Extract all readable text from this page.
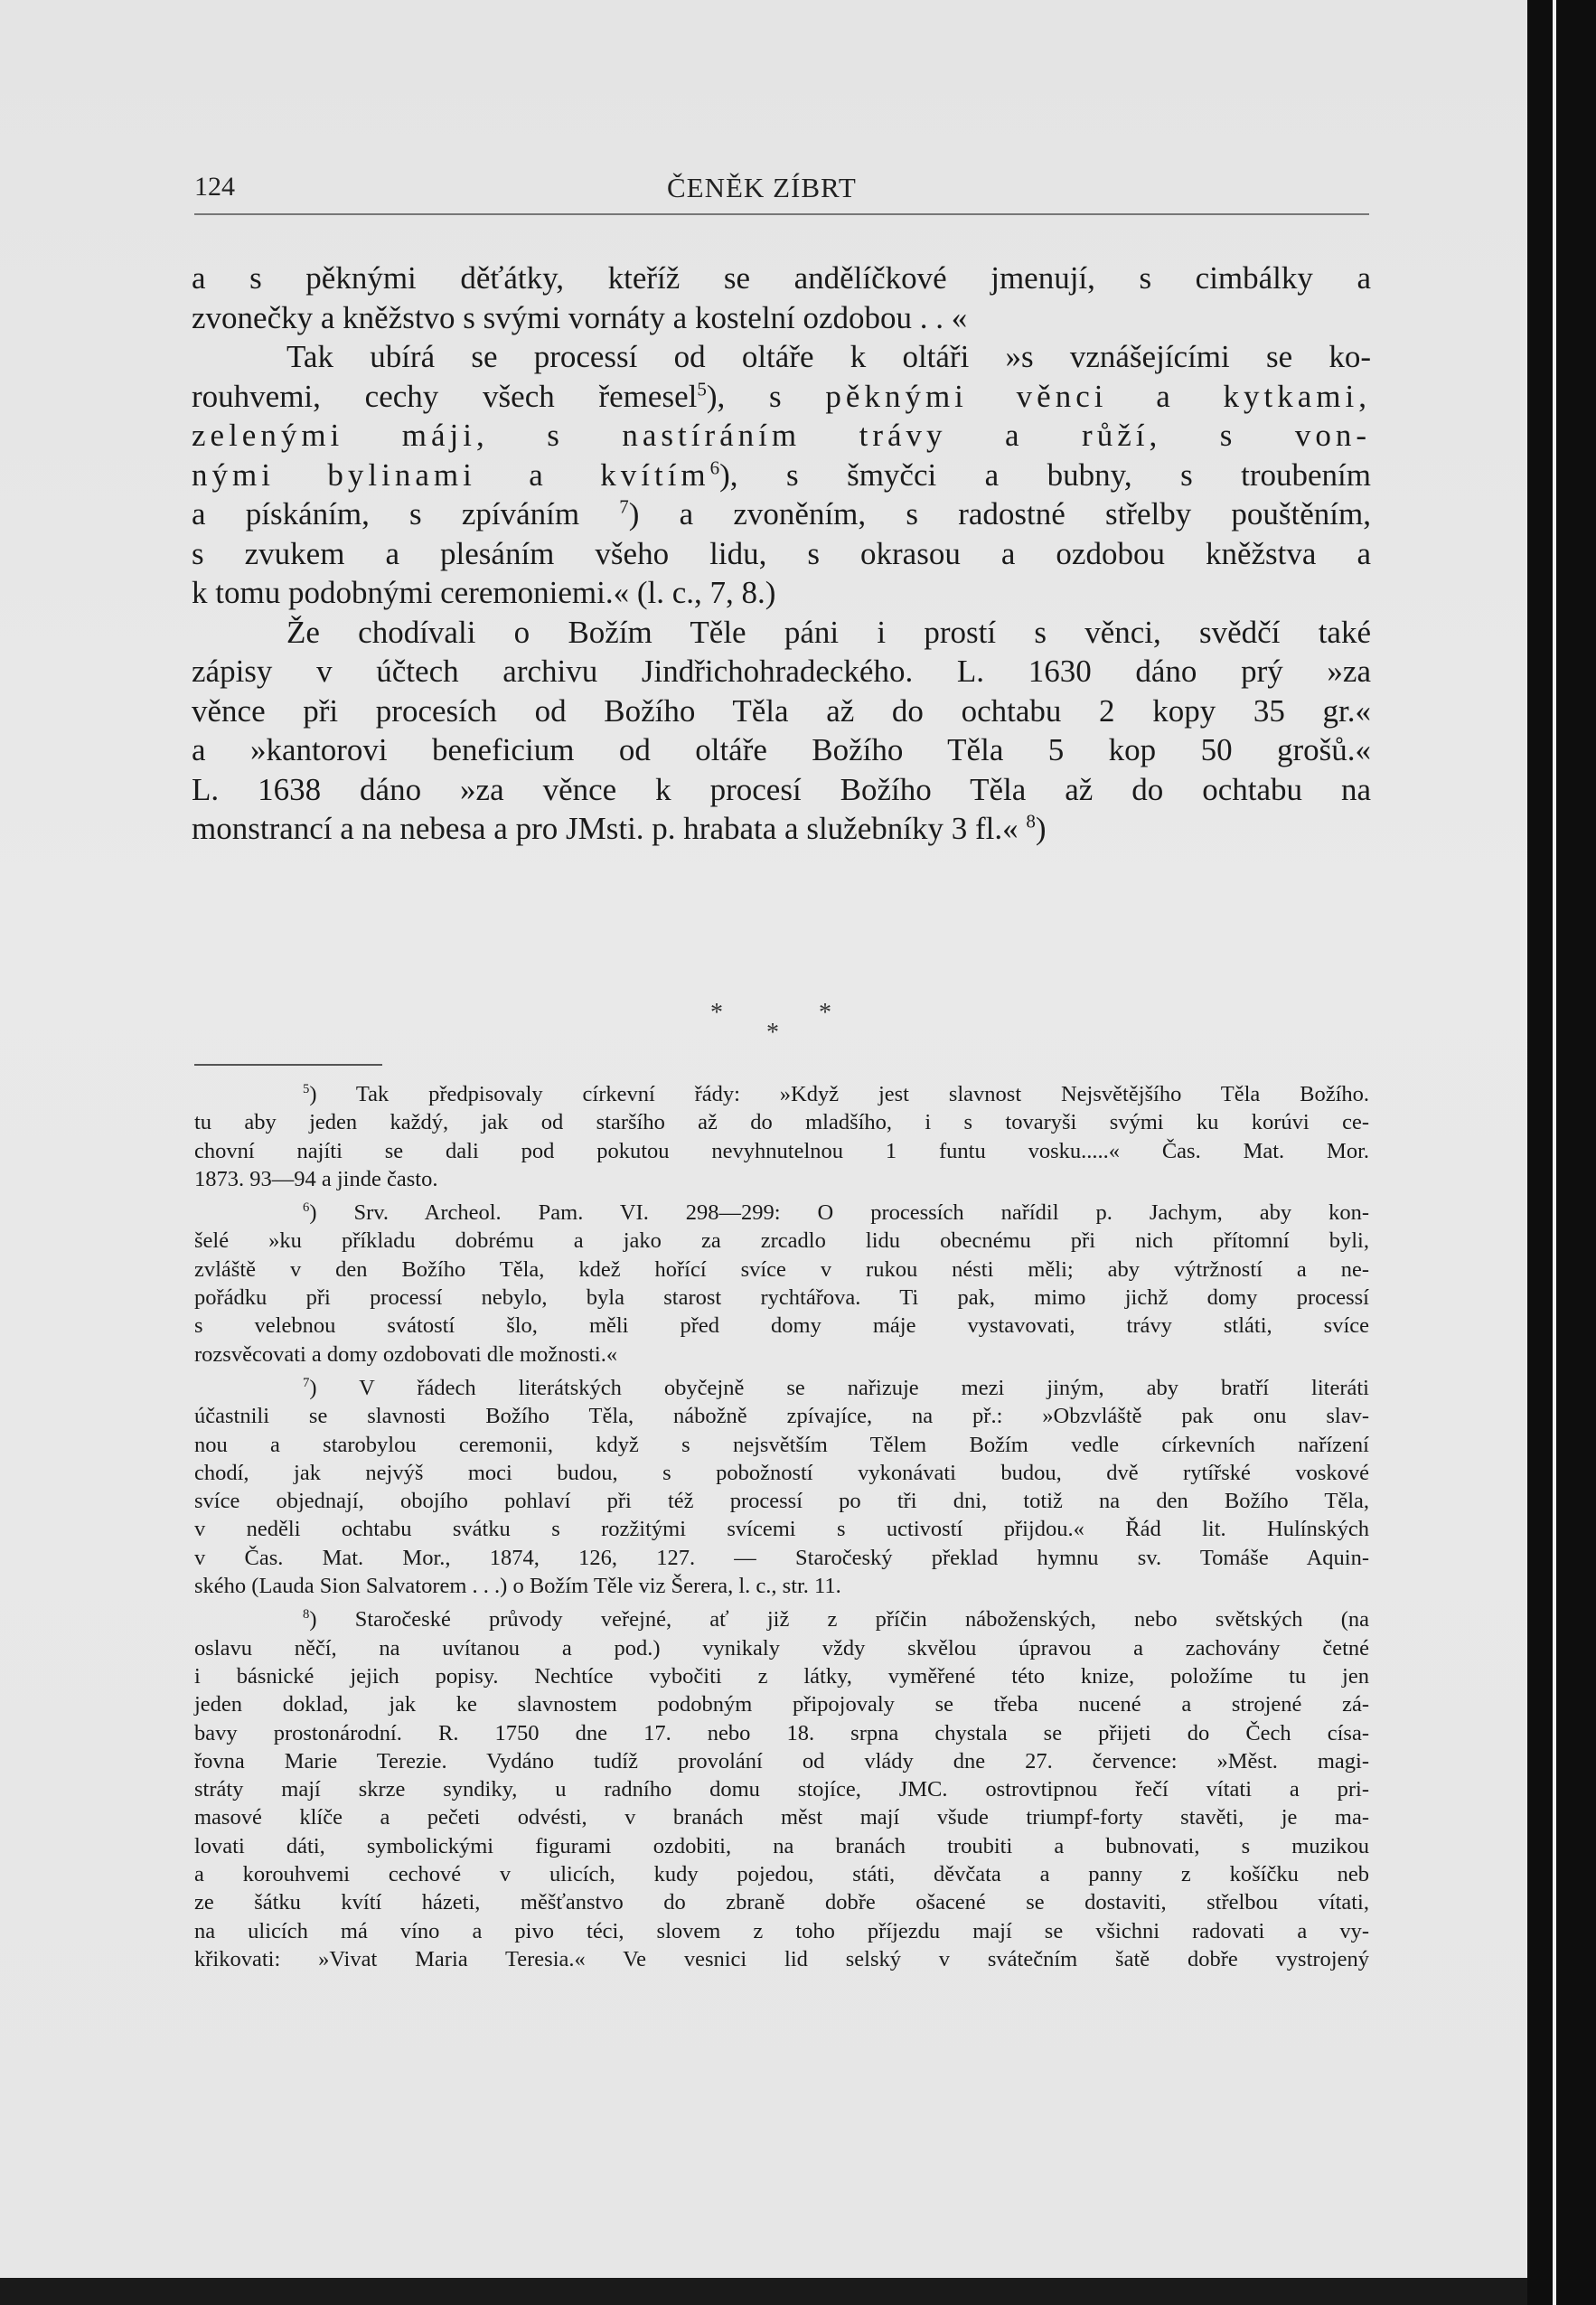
124	ČENĚK ZÍBRT

a s pěknými děťátky, kteříž se andělíčkové jmenují, s cimbálky a

zvonečky a kněžstvo s svými vornáty a kostelní ozdobou . . «

Tak ubírá se processí od oltáře k oltáři »s vznášejícími se ko-

rouhvemi, cechy všech řemesel$^5$), s pěknými věnci a kytkami,

zelenými máji, s nastíráním trávy a růží, s von-

nými bylinami a kvítím$^6$), s šmyčci a bubny, s troubením

a pískáním, s zpíváním $^7$) a zvoněním, s radostné střelby pouštěním,

s zvukem a plesáním všeho lidu, s okrasou a ozdobou kněžstva a

k tomu podobnými ceremoniemi.« (l. c., 7, 8.)

Že chodívali o Božím Těle páni i prostí s věnci, svědčí také

zápisy v účtech archivu Jindřichohradeckého. L. 1630 dáno prý »za

věnce při procesích od Božího Těla až do ochtabu 2 kopy 35 gr.«

a »kantorovi beneficium od oltáře Božího Těla 5 kop 50 grošů.«

L. 1638 dáno »za věnce k procesí Božího Těla až do ochtabu na

monstrancí a na nebesa a pro JMsti. p. hrabata a služebníky 3 fl.« $^8$)

*	*
*

$^5$) Tak předpisovaly církevní řády: »Když jest slavnost Nejsvětějšího Těla Božího.

tu aby jeden každý, jak od staršího až do mladšího, i s tovaryši svými ku korúvi ce-

chovní najíti se dali pod pokutou nevyhnutelnou 1 funtu vosku.....« Čas. Mat. Mor.

1873. 93—94 a jinde často.

$^6$) Srv. Archeol. Pam. VI. 298—299: O processích nařídil p. Jachym, aby kon-

šelé »ku příkladu dobrému a jako za zrcadlo lidu obecnému při nich přítomní byli,

zvláště v den Božího Těla, kdež hořící svíce v rukou nésti měli; aby výtržností a ne-

pořádku při processí nebylo, byla starost rychtářova. Ti pak, mimo jichž domy processí

s velebnou svátostí šlo, měli před domy máje vystavovati, trávy stláti, svíce

rozsvěcovati a domy ozdobovati dle možnosti.«

$^7$) V řádech literátských obyčejně se nařizuje mezi jiným, aby bratří literáti

účastnili se slavnosti Božího Těla, nábožně zpívajíce, na př.: »Obzvláště pak onu slav-

nou a starobylou ceremonii, když s nejsvětším Tělem Božím vedle církevních nařízení

chodí, jak nejvýš moci budou, s pobožností vykonávati budou, dvě rytířské voskové

svíce objednají, obojího pohlaví při též processí po tři dni, totiž na den Božího Těla,

v neděli ochtabu svátku s rozžitými svícemi s uctivostí přijdou.« Řád lit. Hulínských

v Čas. Mat. Mor., 1874, 126, 127. — Staročeský překlad hymnu sv. Tomáše Aquin-

ského (Lauda Sion Salvatorem . . .) o Božím Těle viz Šerera, l. c., str. 11.

$^8$) Staročeské průvody veřejné, ať již z příčin náboženských, nebo světských (na

oslavu něčí, na uvítanou a pod.) vynikaly vždy skvělou úpravou a zachovány četné

i básnické jejich popisy. Nechtíce vybočiti z látky, vyměřené této knize, položíme tu jen

jeden doklad, jak ke slavnostem podobným připojovaly se třeba nucené a strojené zá-

bavy prostonárodní. R. 1750 dne 17. nebo 18. srpna chystala se přijeti do Čech císa-

řovna Marie Terezie. Vydáno tudíž provolání od vlády dne 27. července: »Měst. magi-

stráty mají skrze syndiky, u radního domu stojíce, JMC. ostrovtipnou řečí vítati a pri-

masové klíče a pečeti odvésti, v branách měst mají všude triumpf-forty stavěti, je ma-

lovati dáti, symbolickými figurami ozdobiti, na branách troubiti a bubnovati, s muzikou

a korouhvemi cechové v ulicích, kudy pojedou, státi, děvčata a panny z košíčku neb

ze šátku kvítí házeti, měšťanstvo do zbraně dobře ošacené se dostaviti, střelbou vítati,

na ulicích má víno a pivo téci, slovem z toho příjezdu mají se všichni radovati a vy-

křikovati: »Vivat Maria Teresia.« Ve vesnici lid selský v svátečním šatě dobře vystrojený
